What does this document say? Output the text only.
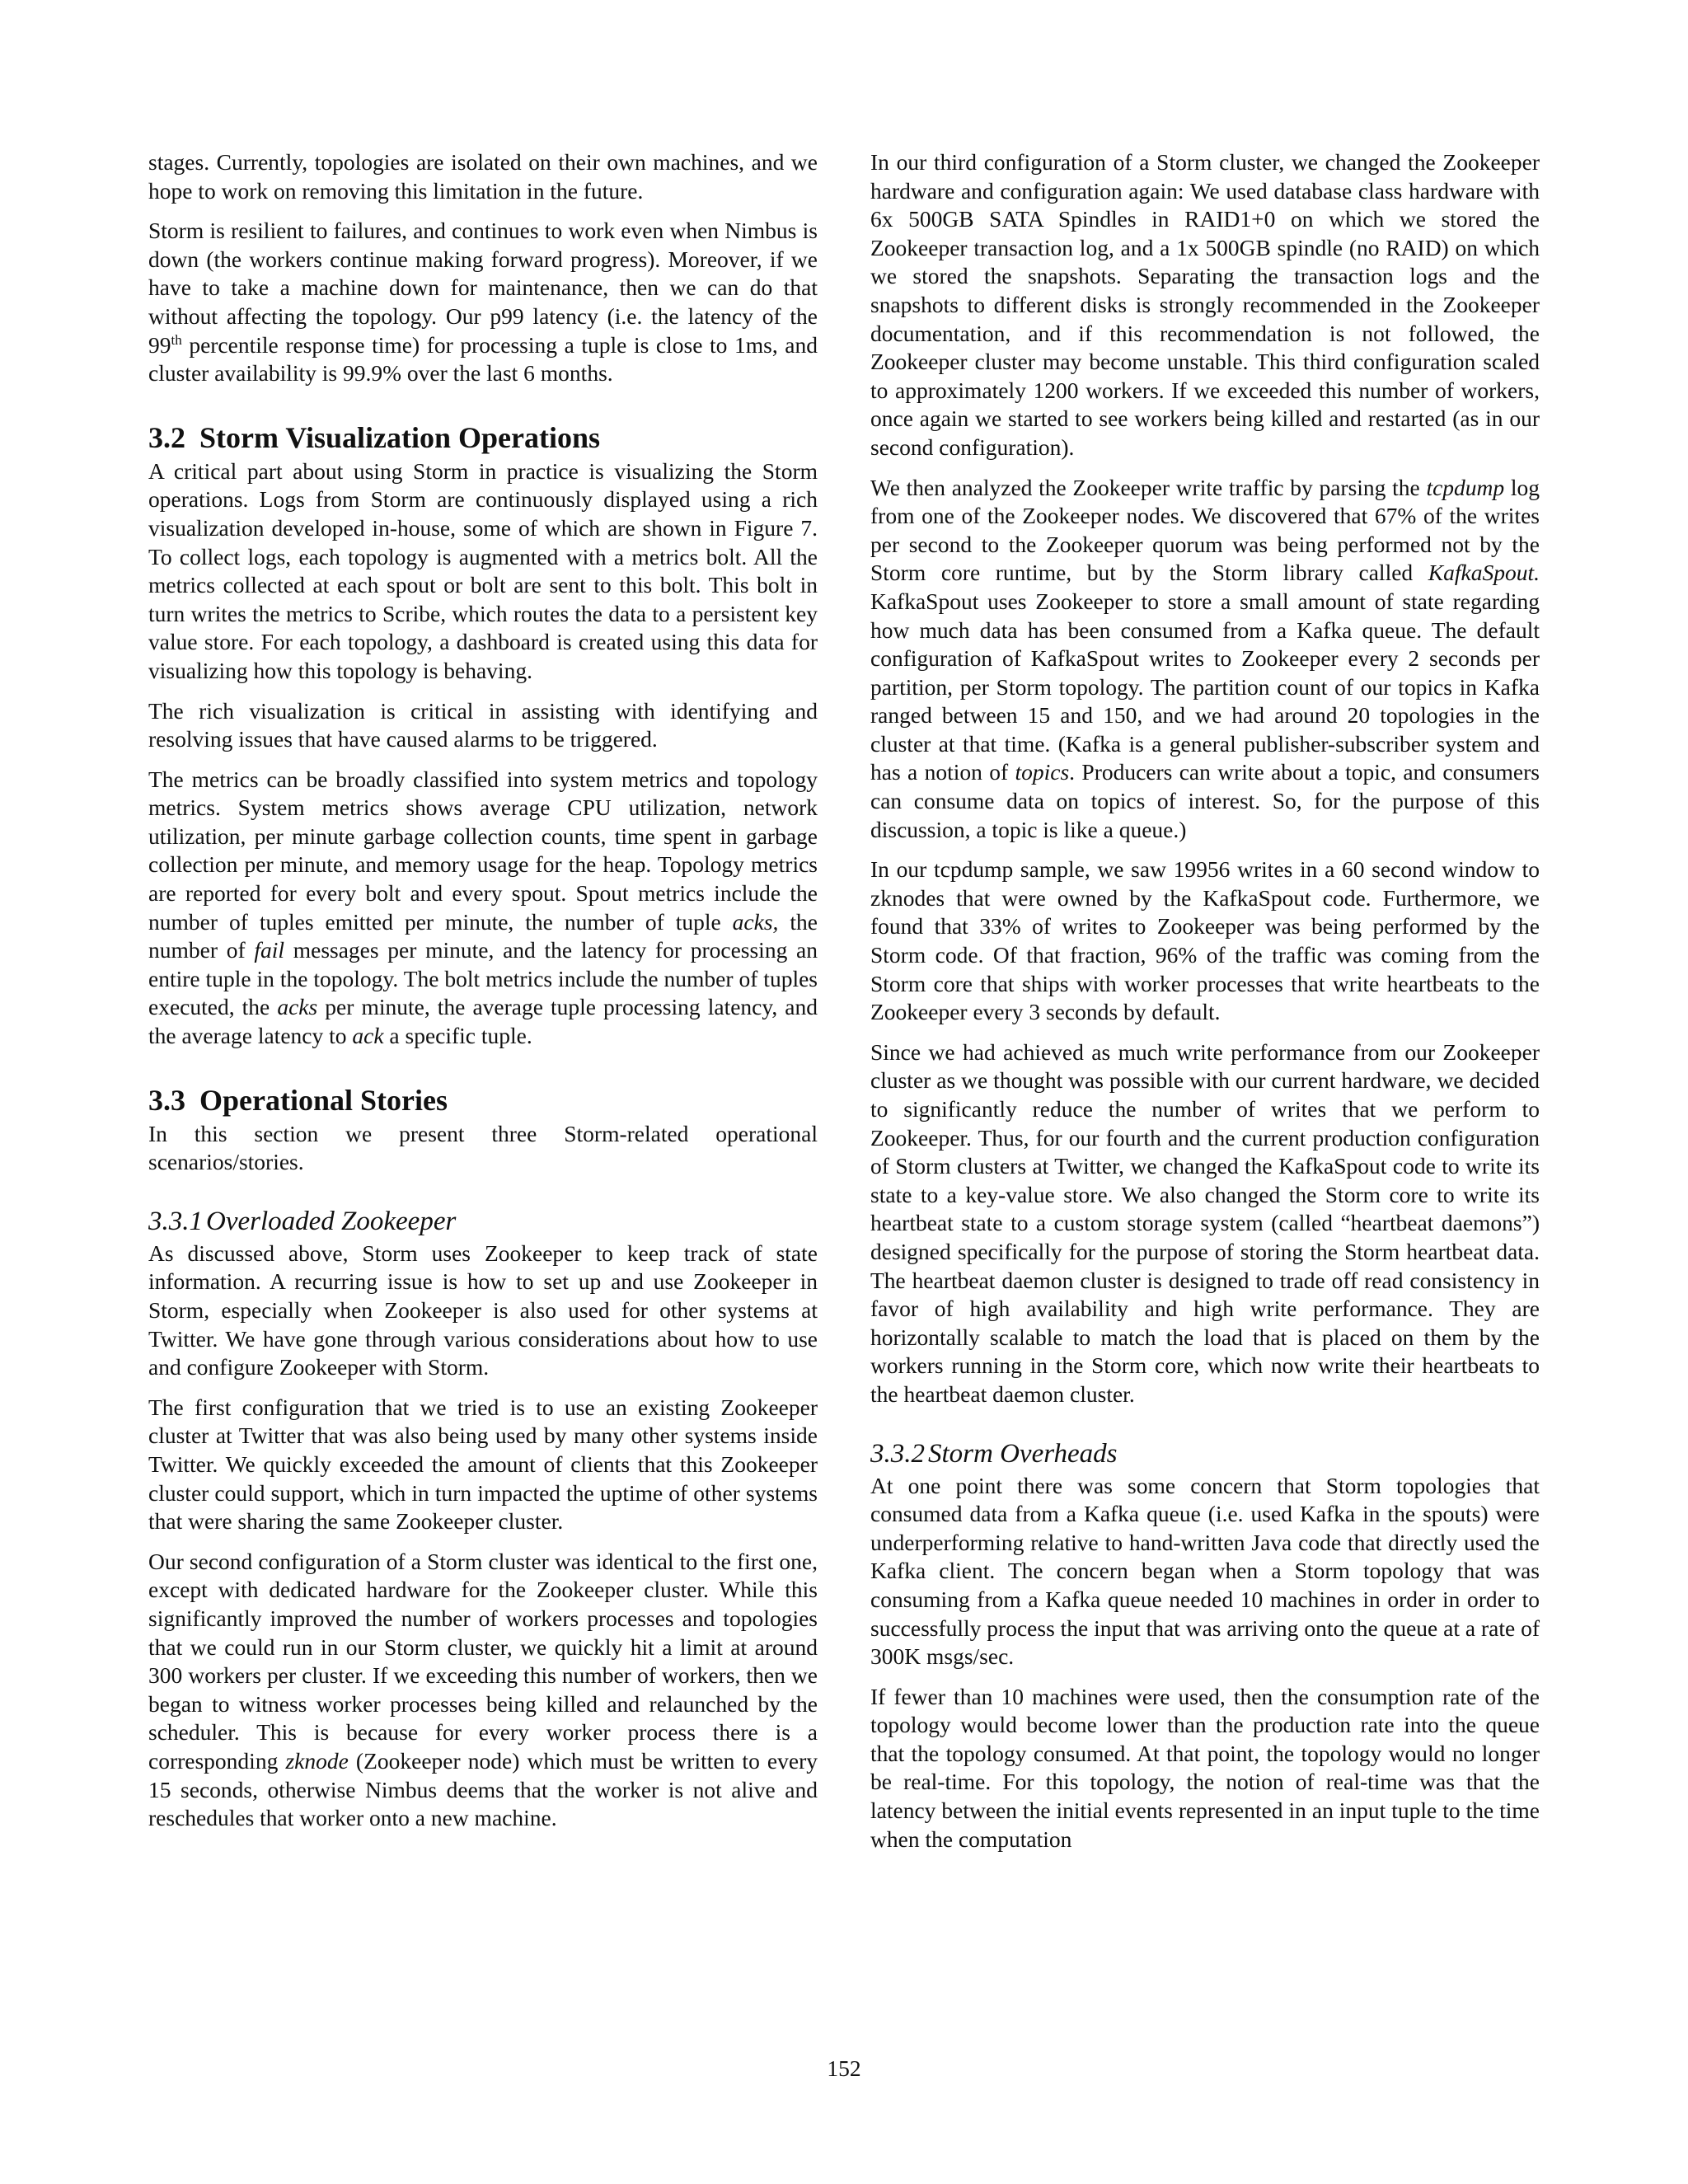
stages. Currently, topologies are isolated on their own machines, and we hope to work on removing this limitation in the future.

Storm is resilient to failures, and continues to work even when Nimbus is down (the workers continue making forward progress). Moreover, if we have to take a machine down for maintenance, then we can do that without affecting the topology. Our p99 latency (i.e. the latency of the 99th percentile response time) for processing a tuple is close to 1ms, and cluster availability is 99.9% over the last 6 months.

3.2 Storm Visualization Operations

A critical part about using Storm in practice is visualizing the Storm operations. Logs from Storm are continuously displayed using a rich visualization developed in-house, some of which are shown in Figure 7. To collect logs, each topology is augmented with a metrics bolt. All the metrics collected at each spout or bolt are sent to this bolt. This bolt in turn writes the metrics to Scribe, which routes the data to a persistent key value store. For each topology, a dashboard is created using this data for visualizing how this topology is behaving.

The rich visualization is critical in assisting with identifying and resolving issues that have caused alarms to be triggered.

The metrics can be broadly classified into system metrics and topology metrics. System metrics shows average CPU utilization, network utilization, per minute garbage collection counts, time spent in garbage collection per minute, and memory usage for the heap. Topology metrics are reported for every bolt and every spout. Spout metrics include the number of tuples emitted per minute, the number of tuple acks, the number of fail messages per minute, and the latency for processing an entire tuple in the topology. The bolt metrics include the number of tuples executed, the acks per minute, the average tuple processing latency, and the average latency to ack a specific tuple.

3.3 Operational Stories

In this section we present three Storm-related operational scenarios/stories.

3.3.1 Overloaded Zookeeper

As discussed above, Storm uses Zookeeper to keep track of state information. A recurring issue is how to set up and use Zookeeper in Storm, especially when Zookeeper is also used for other systems at Twitter. We have gone through various considerations about how to use and configure Zookeeper with Storm.

The first configuration that we tried is to use an existing Zookeeper cluster at Twitter that was also being used by many other systems inside Twitter. We quickly exceeded the amount of clients that this Zookeeper cluster could support, which in turn impacted the uptime of other systems that were sharing the same Zookeeper cluster.

Our second configuration of a Storm cluster was identical to the first one, except with dedicated hardware for the Zookeeper cluster. While this significantly improved the number of workers processes and topologies that we could run in our Storm cluster, we quickly hit a limit at around 300 workers per cluster. If we exceeding this number of workers, then we began to witness worker processes being killed and relaunched by the scheduler. This is because for every worker process there is a corresponding zknode (Zookeeper node) which must be written to every 15 seconds, otherwise Nimbus deems that the worker is not alive and reschedules that worker onto a new machine.

In our third configuration of a Storm cluster, we changed the Zookeeper hardware and configuration again: We used database class hardware with 6x 500GB SATA Spindles in RAID1+0 on which we stored the Zookeeper transaction log, and a 1x 500GB spindle (no RAID) on which we stored the snapshots. Separating the transaction logs and the snapshots to different disks is strongly recommended in the Zookeeper documentation, and if this recommendation is not followed, the Zookeeper cluster may become unstable. This third configuration scaled to approximately 1200 workers. If we exceeded this number of workers, once again we started to see workers being killed and restarted (as in our second configuration).

We then analyzed the Zookeeper write traffic by parsing the tcpdump log from one of the Zookeeper nodes. We discovered that 67% of the writes per second to the Zookeeper quorum was being performed not by the Storm core runtime, but by the Storm library called KafkaSpout. KafkaSpout uses Zookeeper to store a small amount of state regarding how much data has been consumed from a Kafka queue. The default configuration of KafkaSpout writes to Zookeeper every 2 seconds per partition, per Storm topology. The partition count of our topics in Kafka ranged between 15 and 150, and we had around 20 topologies in the cluster at that time. (Kafka is a general publisher-subscriber system and has a notion of topics. Producers can write about a topic, and consumers can consume data on topics of interest. So, for the purpose of this discussion, a topic is like a queue.)

In our tcpdump sample, we saw 19956 writes in a 60 second window to zknodes that were owned by the KafkaSpout code. Furthermore, we found that 33% of writes to Zookeeper was being performed by the Storm code. Of that fraction, 96% of the traffic was coming from the Storm core that ships with worker processes that write heartbeats to the Zookeeper every 3 seconds by default.

Since we had achieved as much write performance from our Zookeeper cluster as we thought was possible with our current hardware, we decided to significantly reduce the number of writes that we perform to Zookeeper. Thus, for our fourth and the current production configuration of Storm clusters at Twitter, we changed the KafkaSpout code to write its state to a key-value store. We also changed the Storm core to write its heartbeat state to a custom storage system (called “heartbeat daemons”) designed specifically for the purpose of storing the Storm heartbeat data. The heartbeat daemon cluster is designed to trade off read consistency in favor of high availability and high write performance. They are horizontally scalable to match the load that is placed on them by the workers running in the Storm core, which now write their heartbeats to the heartbeat daemon cluster.

3.3.2 Storm Overheads

At one point there was some concern that Storm topologies that consumed data from a Kafka queue (i.e. used Kafka in the spouts) were underperforming relative to hand-written Java code that directly used the Kafka client. The concern began when a Storm topology that was consuming from a Kafka queue needed 10 machines in order in order to successfully process the input that was arriving onto the queue at a rate of 300K msgs/sec.

If fewer than 10 machines were used, then the consumption rate of the topology would become lower than the production rate into the queue that the topology consumed. At that point, the topology would no longer be real-time. For this topology, the notion of real-time was that the latency between the initial events represented in an input tuple to the time when the computation

152
